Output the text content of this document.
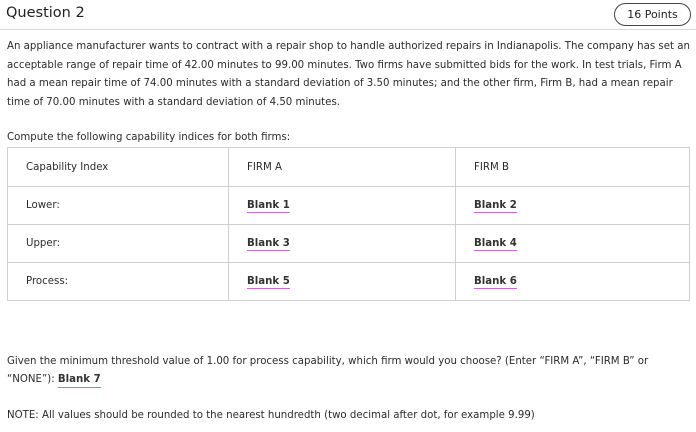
Question 2	16 Points
An appliance manufacturer wants to contract with a repair shop to handle authorized repairs in Indianapolis. The company has set an acceptable range of repair time of 42.00 minutes to 99.00 minutes. Two firms have submitted bids for the work. In test trials, Firm A had a mean repair time of 74.00 minutes with a standard deviation of 3.50 minutes; and the other firm, Firm B, had a mean repair time of 70.00 minutes with a standard deviation of 4.50 minutes.
Compute the following capability indices for both firms:
Capability Index	FIRM A	FIRM B
Lower:	Blank 1	Blank 2
Upper:	Blank 3	Blank 4
Process:	Blank 5	Blank 6
Given the minimum threshold value of 1.00 for process capability, which firm would you choose? (Enter “FIRM A”, “FIRM B” or “NONE”): Blank 7
NOTE: All values should be rounded to the nearest hundredth (two decimal after dot, for example 9.99)
